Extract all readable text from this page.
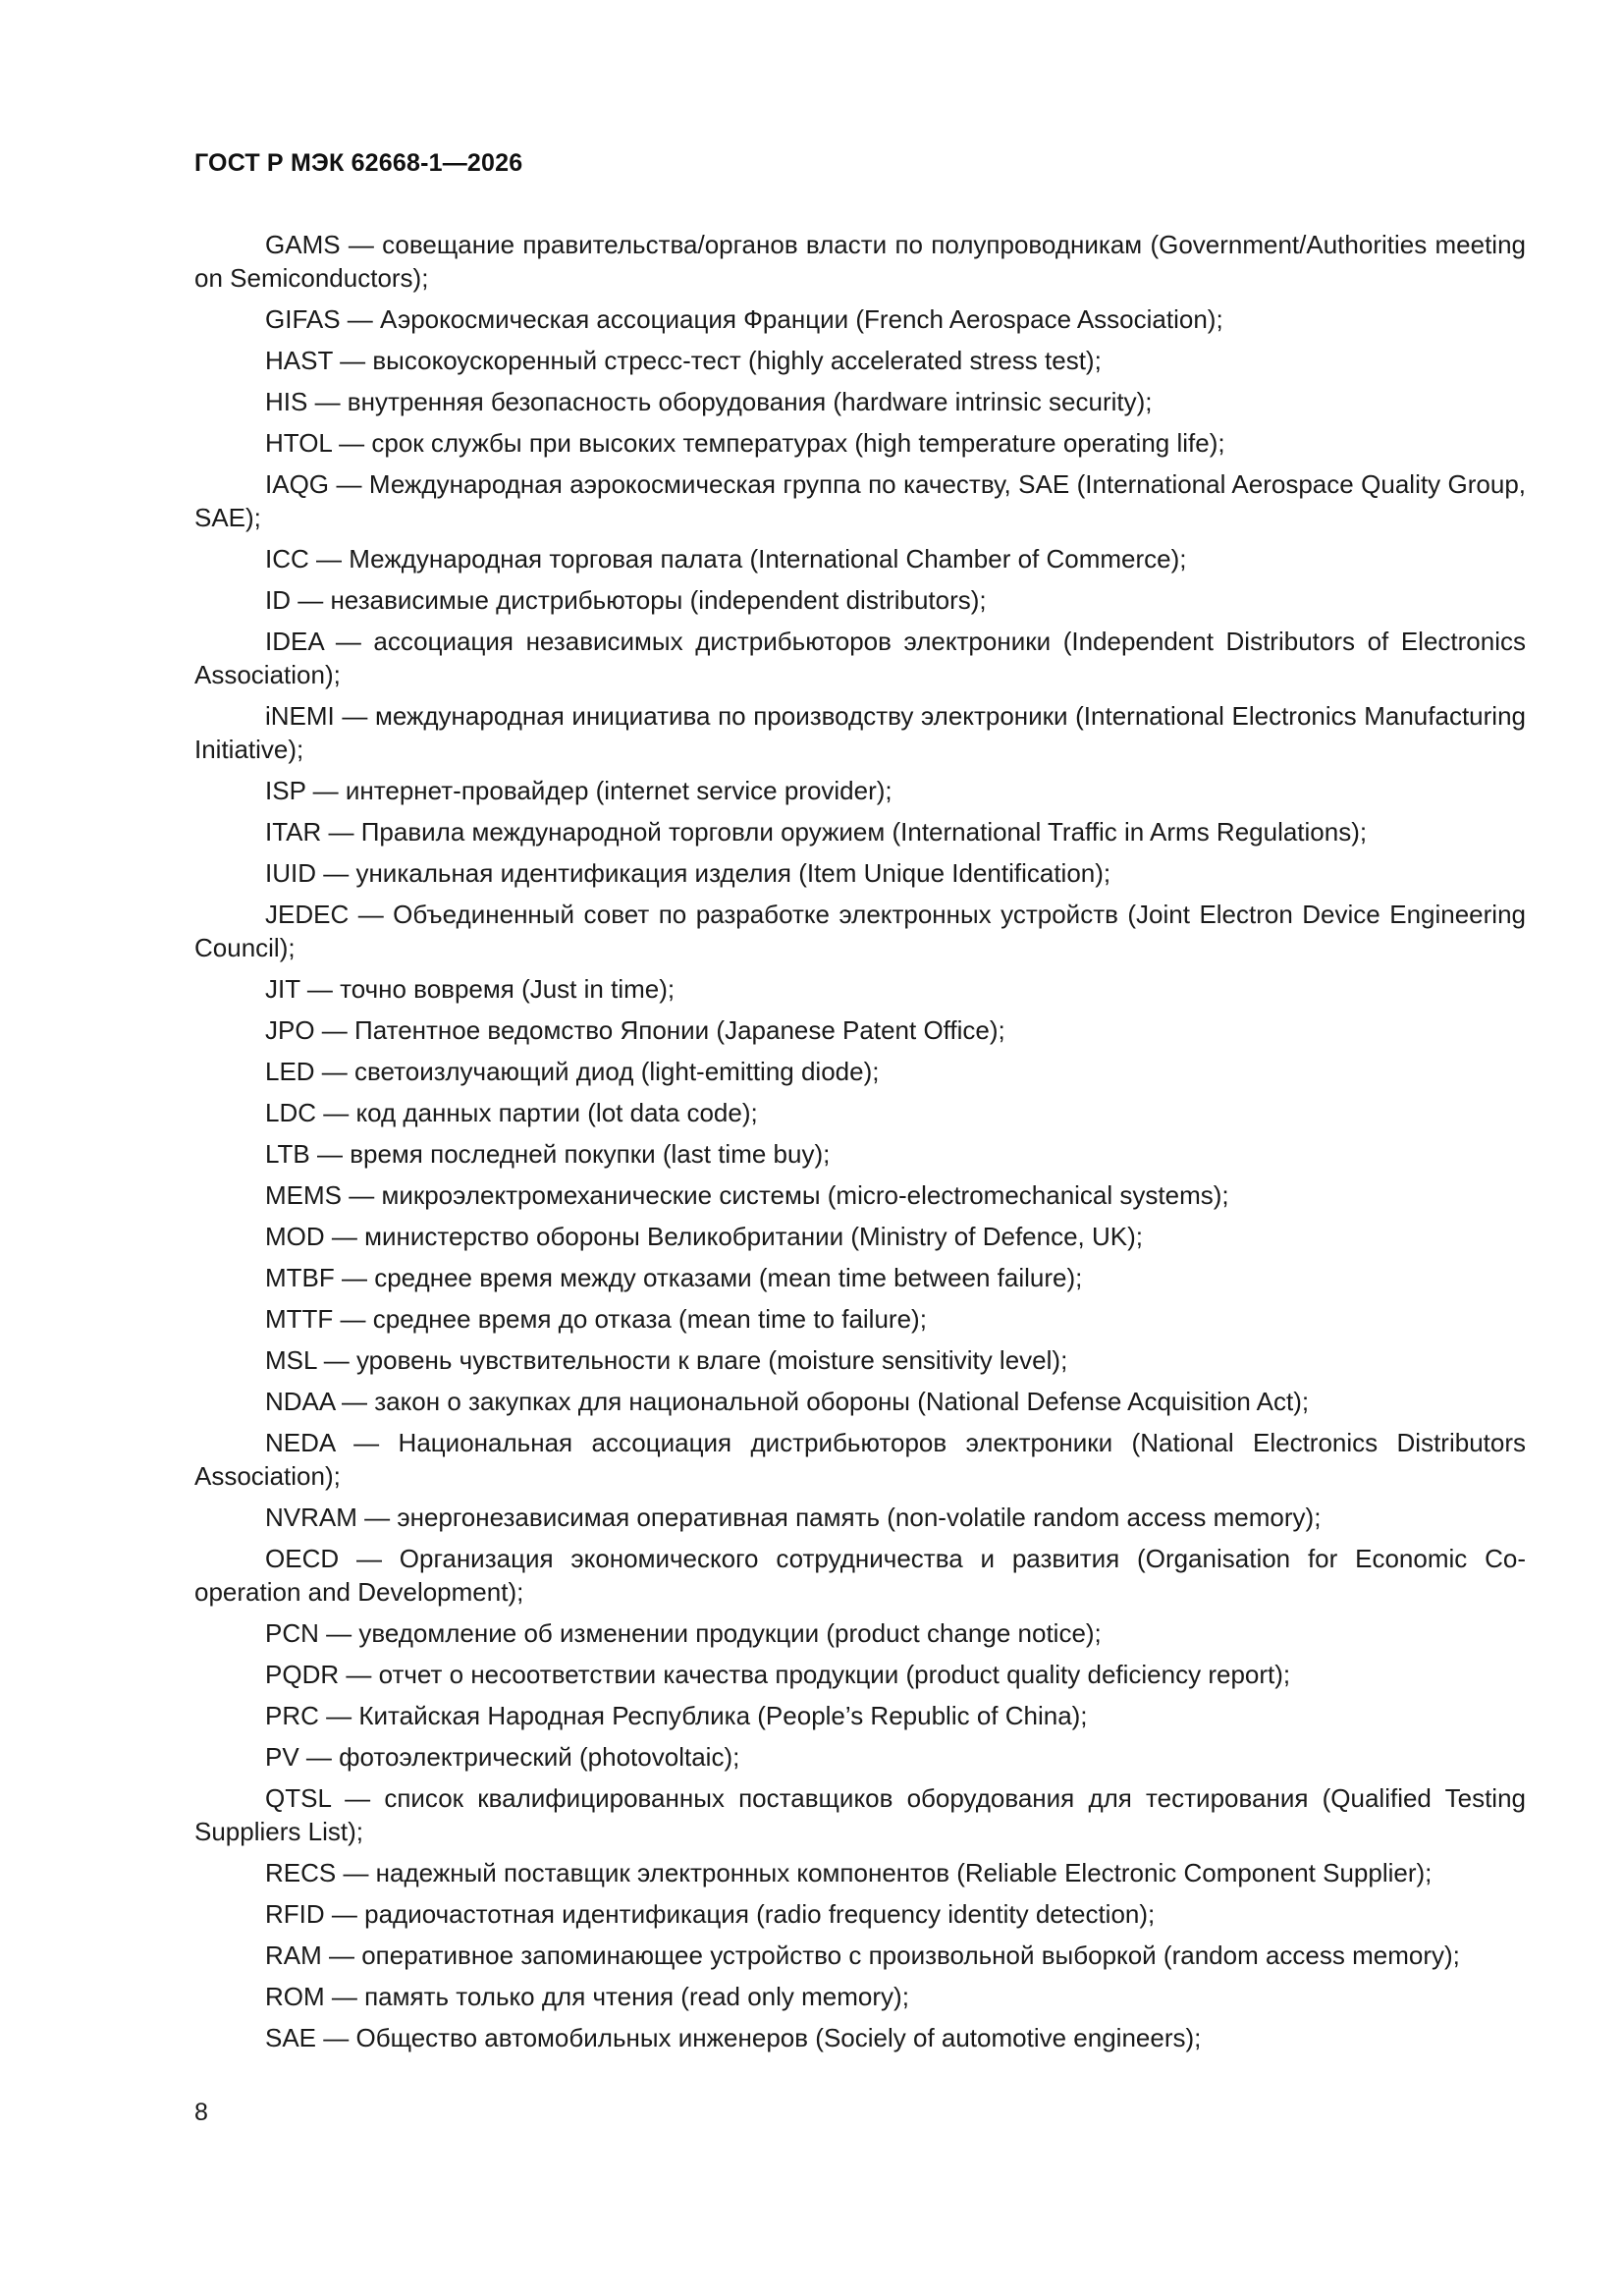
ГОСТ Р МЭК 62668-1—2026
GAMS — совещание правительства/органов власти по полупроводникам (Government/Authorities meeting on Semiconductors);
GIFAS — Аэрокосмическая ассоциация Франции (French Aerospace Association);
HAST — высокоускоренный стресс-тест (highly accelerated stress test);
HIS — внутренняя безопасность оборудования (hardware intrinsic security);
HTOL — срок службы при высоких температурах (high temperature operating life);
IAQG — Международная аэрокосмическая группа по качеству, SAE (International Aerospace Quality Group, SAE);
ICC — Международная торговая палата (International Chamber of Commerce);
ID — независимые дистрибьюторы (independent distributors);
IDEA — ассоциация независимых дистрибьюторов электроники (Independent Distributors of Electronics Association);
iNEMI — международная инициатива по производству электроники (International Electronics Manufacturing Initiative);
ISP — интернет-провайдер (internet service provider);
ITAR — Правила международной торговли оружием (International Traffic in Arms Regulations);
IUID — уникальная идентификация изделия (Item Unique Identification);
JEDEC — Объединенный совет по разработке электронных устройств (Joint Electron Device Engineering Council);
JIT — точно вовремя (Just in time);
JPO — Патентное ведомство Японии (Japanese Patent Office);
LED — светоизлучающий диод (light-emitting diode);
LDC — код данных партии (lot data code);
LTB — время последней покупки (last time buy);
MEMS — микроэлектромеханические системы (micro-electromechanical systems);
MOD — министерство обороны Великобритании (Ministry of Defence, UK);
MTBF — среднее время между отказами (mean time between failure);
MTTF — среднее время до отказа (mean time to failure);
MSL — уровень чувствительности к влаге (moisture sensitivity level);
NDAA — закон о закупках для национальной обороны (National Defense Acquisition Act);
NEDA — Национальная ассоциация дистрибьюторов электроники (National Electronics Distributors Association);
NVRAM — энергонезависимая оперативная память (non-volatile random access memory);
OECD — Организация экономического сотрудничества и развития (Organisation for Economic Co-operation and Development);
PCN — уведомление об изменении продукции (product change notice);
PQDR — отчет о несоответствии качества продукции (product quality deficiency report);
PRC — Китайская Народная Республика (People’s Republic of China);
PV — фотоэлектрический (photovoltaic);
QTSL — список квалифицированных поставщиков оборудования для тестирования (Qualified Testing Suppliers List);
RECS — надежный поставщик электронных компонентов (Reliable Electronic Component Supplier);
RFID — радиочастотная идентификация (radio frequency identity detection);
RAM — оперативное запоминающее устройство с произвольной выборкой (random access memory);
ROM — память только для чтения (read only memory);
SAE — Общество автомобильных инженеров (Sociely of automotive engineers);
8
